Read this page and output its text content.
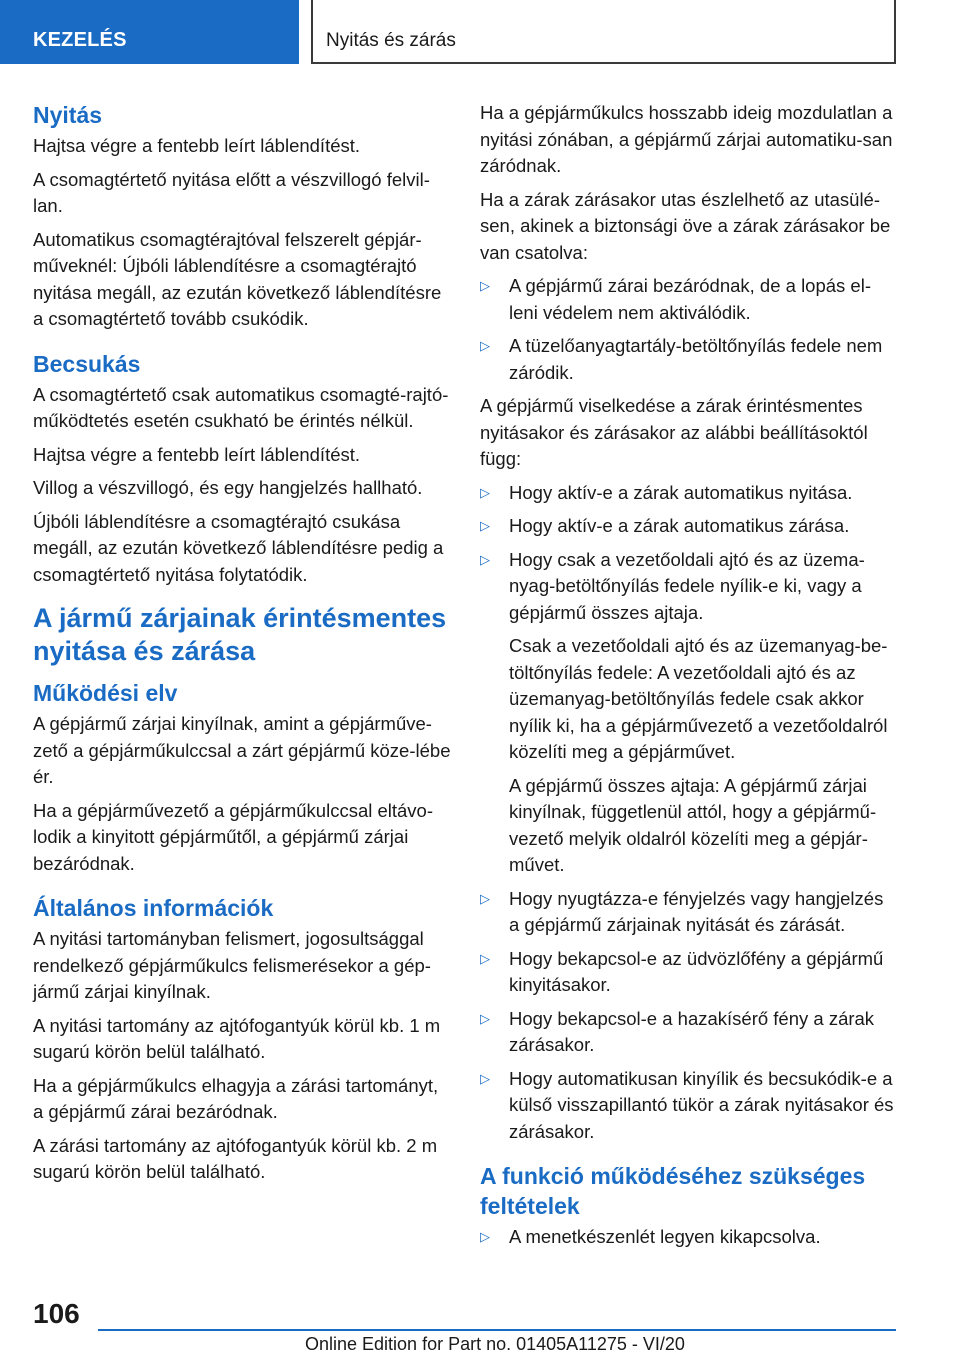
KEZELÉS	Nyitás és zárás
Nyitás

Hajtsa végre a fentebb leírt láblendítést.

A csomagtértető nyitása előtt a vészvillogó felvil-lan.

Automatikus csomagtérajtóval felszerelt gépjár-műveknél: Újbóli láblendítésre a csomagtérajtó nyitása megáll, az ezután következő láblendítésre a csomagtértető tovább csukódik.

Becsukás

A csomagtértető csak automatikus csomagté-rajtó-működtetés esetén csukható be érintés nélkül.

Hajtsa végre a fentebb leírt láblendítést.

Villog a vészvillogó, és egy hangjelzés hallható.

Újbóli láblendítésre a csomagtérajtó csukása megáll, az ezután következő láblendítésre pedig a csomagtértető nyitása folytatódik.

A jármű zárjainak érintésmentes nyitása és zárása
Működési elv

A gépjármű zárjai kinyílnak, amint a gépjárműve-zető a gépjárműkulccsal a zárt gépjármű köze-lébe ér.

Ha a gépjárművezető a gépjárműkulccsal eltávo-lodik a kinyitott gépjárműtől, a gépjármű zárjai bezáródnak.

Általános információk

A nyitási tartományban felismert, jogosultsággal rendelkező gépjárműkulcs felismerésekor a gép-jármű zárjai kinyílnak.

A nyitási tartomány az ajtófogantyúk körül kb. 1 m sugarú körön belül található.

Ha a gépjárműkulcs elhagyja a zárási tartományt, a gépjármű zárai bezáródnak.

A zárási tartomány az ajtófogantyúk körül kb. 2 m sugarú körön belül található.

Ha a gépjárműkulcs hosszabb ideig mozdulatlan a nyitási zónában, a gépjármű zárjai automatiku-san záródnak.

Ha a zárak zárásakor utas észlelhető az utasülé-sen, akinek a biztonsági öve a zárak zárásakor be van csatolva:

▷ A gépjármű zárai bezáródnak, de a lopás el-leni védelem nem aktiválódik.
▷ A tüzelőanyagtartály-betöltőnyílás fedele nem záródik.

A gépjármű viselkedése a zárak érintésmentes nyitásakor és zárásakor az alábbi beállításoktól függ:

▷ Hogy aktív-e a zárak automatikus nyitása.
▷ Hogy aktív-e a zárak automatikus zárása.
▷ Hogy csak a vezetőoldali ajtó és az üzema-nyag-betöltőnyílás fedele nyílik-e ki, vagy a gépjármű összes ajtaja.

Csak a vezetőoldali ajtó és az üzemanyag-be-töltőnyílás fedele: A vezetőoldali ajtó és az üzemanyag-betöltőnyílás fedele csak akkor nyílik ki, ha a gépjárművezető a vezetőoldalról közelíti meg a gépjárművet.

A gépjármű összes ajtaja: A gépjármű zárjai kinyílnak, függetlenül attól, hogy a gépjármű-vezető melyik oldalról közelíti meg a gépjár-művet.

▷ Hogy nyugtázza-e fényjelzés vagy hangjelzés a gépjármű zárjainak nyitását és zárását.
▷ Hogy bekapcsol-e az üdvözlőfény a gépjármű kinyitásakor.
▷ Hogy bekapcsol-e a hazakísérő fény a zárak zárásakor.
▷ Hogy automatikusan kinyílik és becsukódik-e a külső visszapillantó tükör a zárak nyitásakor és zárásakor.
A funkció működéséhez szükséges feltételek
▷ A menetkészenlét legyen kikapcsolva.
106
Online Edition for Part no. 01405A11275 - VI/20
